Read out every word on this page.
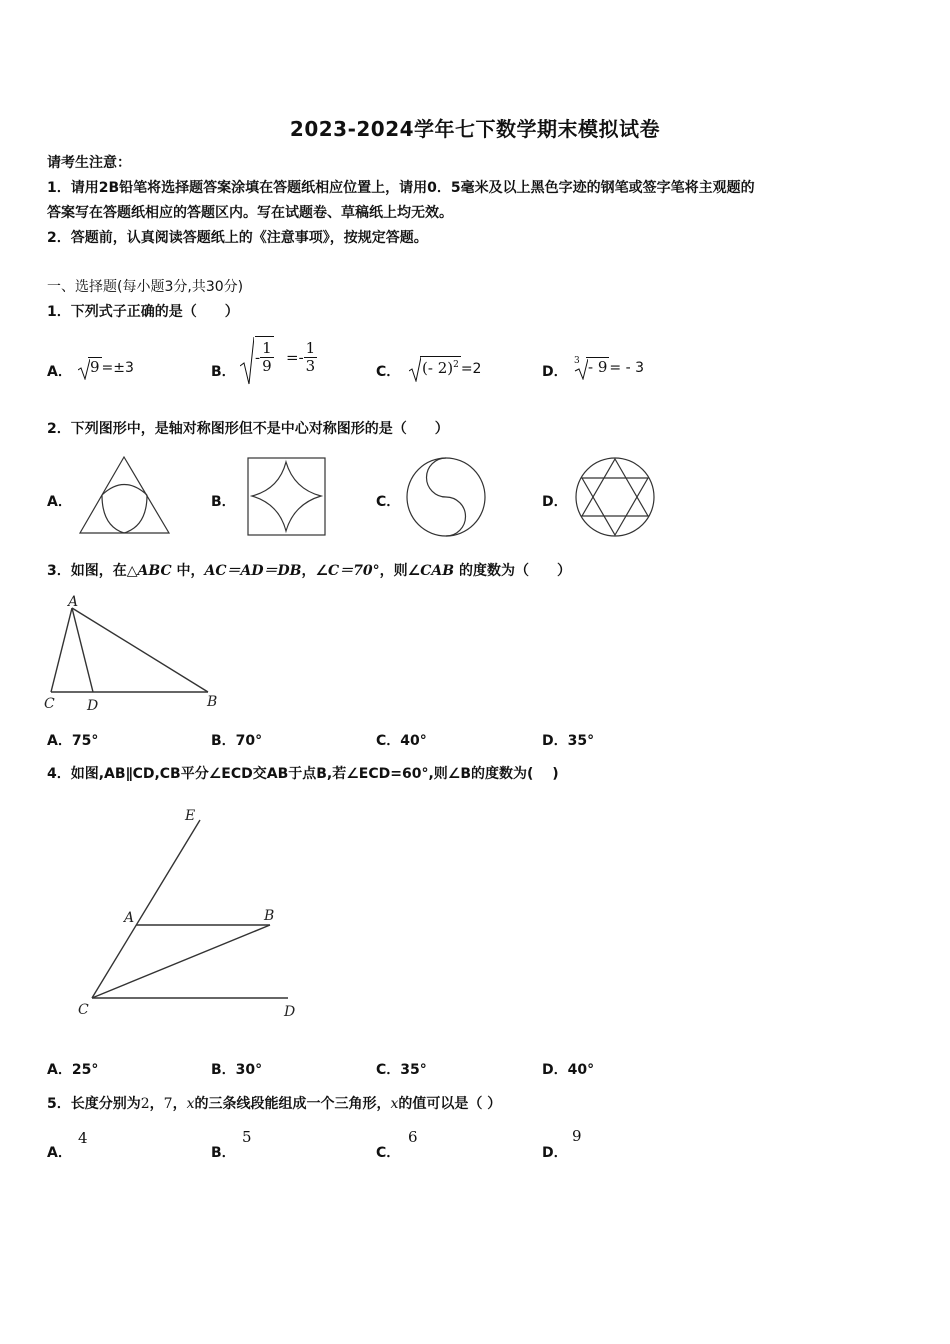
2023-2024学年七下数学期末模拟试卷
请考生注意：
1．请用2B铅笔将选择题答案涂填在答题纸相应位置上，请用0．5毫米及以上黑色字迹的钢笔或签字笔将主观题的
答案写在答题纸相应的答题区内。写在试题卷、草稿纸上均无效。
2．答题前，认真阅读答题纸上的《注意事项》，按规定答题。
一、选择题(每小题3分,共30分)
1．下列式子正确的是（　　）
A．	9 =±3	B．
- $\frac{1}{9} =- \frac{1}{3}$	C．	(- 2)$^2$ =2	D．
3 - 9 = - 3
2．下列图形中，是轴对称图形但不是中心对称图形的是（　　）
A．	B．	C．	D．
3．如图，在△ABC 中，AC＝AD＝DB，∠C＝70°，则∠CAB 的度数为（　　）
A
C D	B
A．75°	B．70°	C．40°	D．35°
4．如图,AB∥CD,CB平分∠ECD交AB于点B,若∠ECD=60°,则∠B的度数为(　 )
E
A	B
C	D
A．25°	B．30°	C．35°	D．40°
5．长度分别为2，7，x的三条线段能组成一个三角形，x的值可以是（ ）
A．
4
B．
5
C．
6
D．
9
